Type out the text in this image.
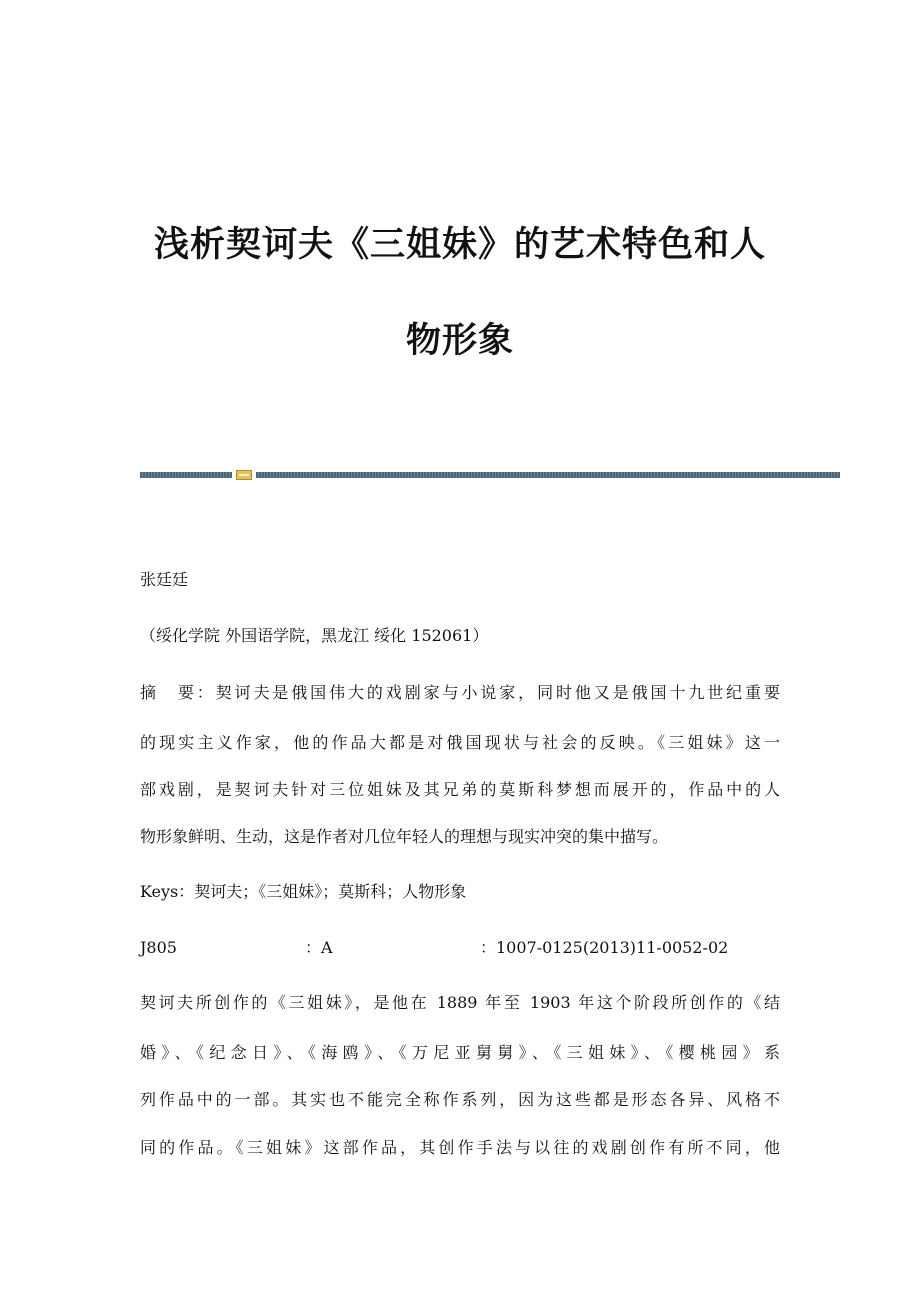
浅析契诃夫《三姐妹》的艺术特色和人
物形象
张廷廷
（绥化学院 外国语学院，黑龙江 绥化 152061）
摘　要：契诃夫是俄国伟大的戏剧家与小说家，同时他又是俄国十九世纪重要
的现实主义作家，他的作品大都是对俄国现状与社会的反映。《三姐妹》这一
部戏剧，是契诃夫针对三位姐妹及其兄弟的莫斯科梦想而展开的，作品中的人
物形象鲜明、生动，这是作者对几位年轻人的理想与现实冲突的集中描写。
Keys：契诃夫；《三姐妹》；莫斯科；人物形象
J805	：A	：1007-0125(2013)11-0052-02
契诃夫所创作的《三姐妹》，是他在 1889 年至 1903 年这个阶段所创作的《结
婚》、《纪念日》、《海鸥》、《万尼亚舅舅》、《三姐妹》、《樱桃园》系
列作品中的一部。其实也不能完全称作系列，因为这些都是形态各异、风格不
同的作品。《三姐妹》这部作品，其创作手法与以往的戏剧创作有所不同，他
